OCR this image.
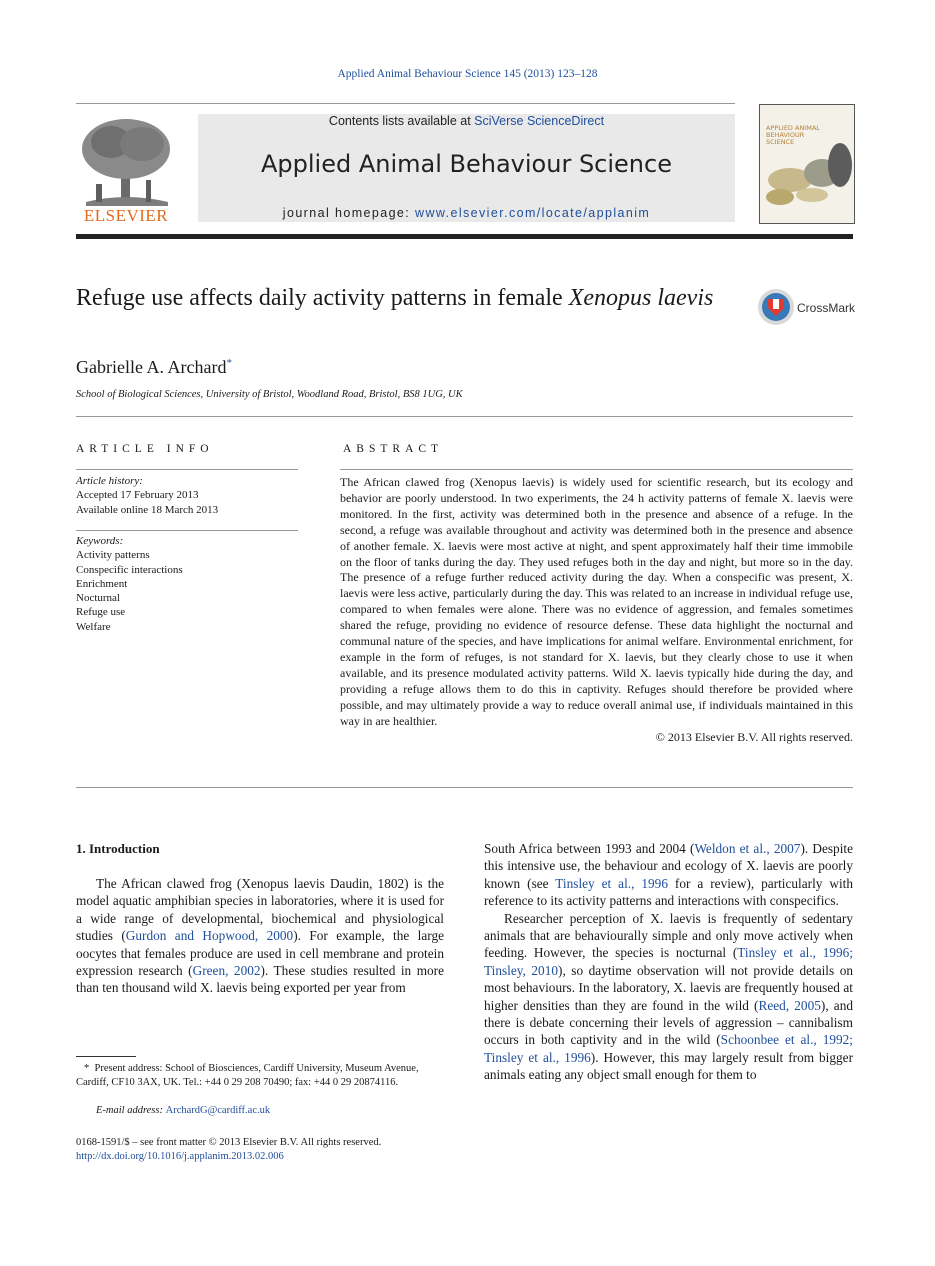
Applied Animal Behaviour Science 145 (2013) 123–128
ELSEVIER
Contents lists available at SciVerse ScienceDirect
Applied Animal Behaviour Science
journal homepage: www.elsevier.com/locate/applanim
APPLIED ANIMAL BEHAVIOUR SCIENCE
Refuge use affects daily activity patterns in female Xenopus laevis	CrossMark
Gabrielle A. Archard*
School of Biological Sciences, University of Bristol, Woodland Road, Bristol, BS8 1UG, UK
ARTICLE INFO
Article history:
Accepted 17 February 2013
Available online 18 March 2013
Keywords:
Activity patterns
Conspecific interactions
Enrichment
Nocturnal
Refuge use
Welfare
ABSTRACT

The African clawed frog (Xenopus laevis) is widely used for scientific research, but its ecology and behavior are poorly understood. In two experiments, the 24 h activity patterns of female X. laevis were monitored. In the first, activity was determined both in the presence and absence of a refuge. In the second, a refuge was available throughout and activity was determined both in the presence and absence of another female. X. laevis were most active at night, and spent approximately half their time immobile on the floor of tanks during the day. They used refuges both in the day and night, but more so in the day. The presence of a refuge further reduced activity during the day. When a conspecific was present, X. laevis were less active, particularly during the day. This was related to an increase in individual refuge use, compared to when females were alone. There was no evidence of aggression, and females sometimes shared the refuge, providing no evidence of resource defense. These data highlight the nocturnal and communal nature of the species, and have implications for animal welfare. Environmental enrichment, for example in the form of refuges, is not standard for X. laevis, but they clearly chose to use it when available, and its presence modulated activity patterns. Wild X. laevis typically hide during the day, and providing a refuge allows them to do this in captivity. Refuges should therefore be provided where possible, and may ultimately provide a way to reduce overall animal use, if individuals maintained in this way in are healthier.

© 2013 Elsevier B.V. All rights reserved.

1. Introduction

The African clawed frog (Xenopus laevis Daudin, 1802) is the model aquatic amphibian species in laboratories, where it is used for a wide range of developmental, biochemical and physiological studies (Gurdon and Hopwood, 2000). For example, the large oocytes that females produce are used in cell membrane and protein expression research (Green, 2002). These studies resulted in more than ten thousand wild X. laevis being exported per year from

South Africa between 1993 and 2004 (Weldon et al., 2007). Despite this intensive use, the behaviour and ecology of X. laevis are poorly known (see Tinsley et al., 1996 for a review), particularly with reference to its activity patterns and interactions with conspecifics.

Researcher perception of X. laevis is frequently of sedentary animals that are behaviourally simple and only move actively when feeding. However, the species is nocturnal (Tinsley et al., 1996; Tinsley, 2010), so daytime observation will not provide details on most behaviours. In the laboratory, X. laevis are frequently housed at higher densities than they are found in the wild (Reed, 2005), and there is debate concerning their levels of aggression – cannibalism occurs in both captivity and in the wild (Schoonbee et al., 1992; Tinsley et al., 1996). However, this may largely result from bigger animals eating any object small enough for them to

* Present address: School of Biosciences, Cardiff University, Museum Avenue, Cardiff, CF10 3AX, UK. Tel.: +44 0 29 208 70490; fax: +44 0 29 20874116.
E-mail address: ArchardG@cardiff.ac.uk
0168-1591/$ – see front matter © 2013 Elsevier B.V. All rights reserved.
http://dx.doi.org/10.1016/j.applanim.2013.02.006
